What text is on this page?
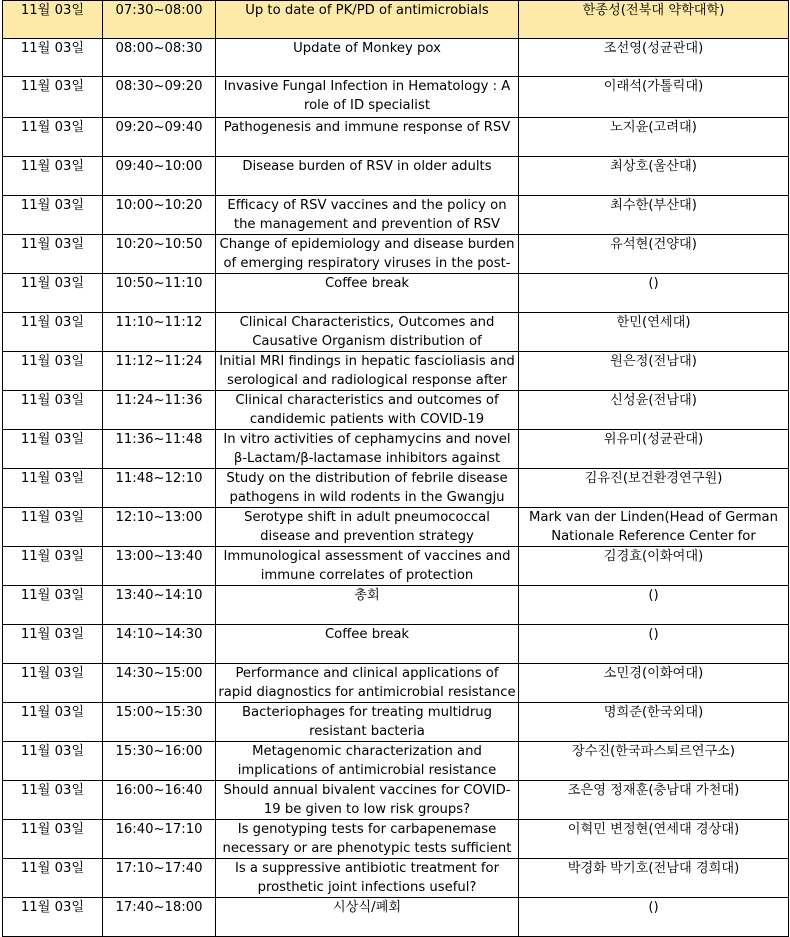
11월 03일	07:30~08:00	Up to date of PK/PD of antimicrobials	한종성(전북대 약학대학)

11월 03일	08:00~08:30	Update of Monkey pox	조선영(성균관대)

11월 03일	08:30~09:20	Invasive Fungal Infection in Hematology : A role of ID specialist	이래석(가톨릭대)

11월 03일	09:20~09:40	Pathogenesis and immune response of RSV	노지윤(고려대)

11월 03일	09:40~10:00	Disease burden of RSV in older adults	최상호(울산대)

11월 03일	10:00~10:20	Efficacy of RSV vaccines and the policy on the management and prevention of RSV	최수한(부산대)

11월 03일	10:20~10:50	Change of epidemiology and disease burden of emerging respiratory viruses in the post-	유석현(건양대)

11월 03일	10:50~11:10	Coffee break	()

11월 03일	11:10~11:12	Clinical Characteristics, Outcomes and Causative Organism distribution of	한민(연세대)

11월 03일	11:12~11:24	Initial MRI findings in hepatic fascioliasis and serological and radiological response after	원은정(전남대)

11월 03일	11:24~11:36	Clinical characteristics and outcomes of candidemic patients with COVID-19	신성윤(전남대)

11월 03일	11:36~11:48	In vitro activities of cephamycins and novel β-Lactam/β-lactamase inhibitors against	위유미(성균관대)

11월 03일	11:48~12:10	Study on the distribution of febrile disease pathogens in wild rodents in the Gwangju	김유진(보건환경연구원)

11월 03일	12:10~13:00	Serotype shift in adult pneumococcal disease and prevention strategy	Mark van der Linden(Head of German Nationale Reference Center for

11월 03일	13:00~13:40	Immunological assessment of vaccines and immune correlates of protection	김경효(이화여대)

11월 03일	13:40~14:10	총회	()

11월 03일	14:10~14:30	Coffee break	()

11월 03일	14:30~15:00	Performance and clinical applications of rapid diagnostics for antimicrobial resistance	소민경(이화여대)

11월 03일	15:00~15:30	Bacteriophages for treating multidrug resistant bacteria	명희준(한국외대)

11월 03일	15:30~16:00	Metagenomic characterization and implications of antimicrobial resistance	장수진(한국파스퇴르연구소)

11월 03일	16:00~16:40	Should annual bivalent vaccines for COVID-19 be given to low risk groups?	조은영 정재훈(충남대 가천대)

11월 03일	16:40~17:10	Is genotyping tests for carbapenemase necessary or are phenotypic tests sufficient	이혁민 변정현(연세대 경상대)

11월 03일	17:10~17:40	Is a suppressive antibiotic treatment for prosthetic joint infections useful?	박경화 박기호(전남대 경희대)

11월 03일	17:40~18:00	시상식/폐회	()
